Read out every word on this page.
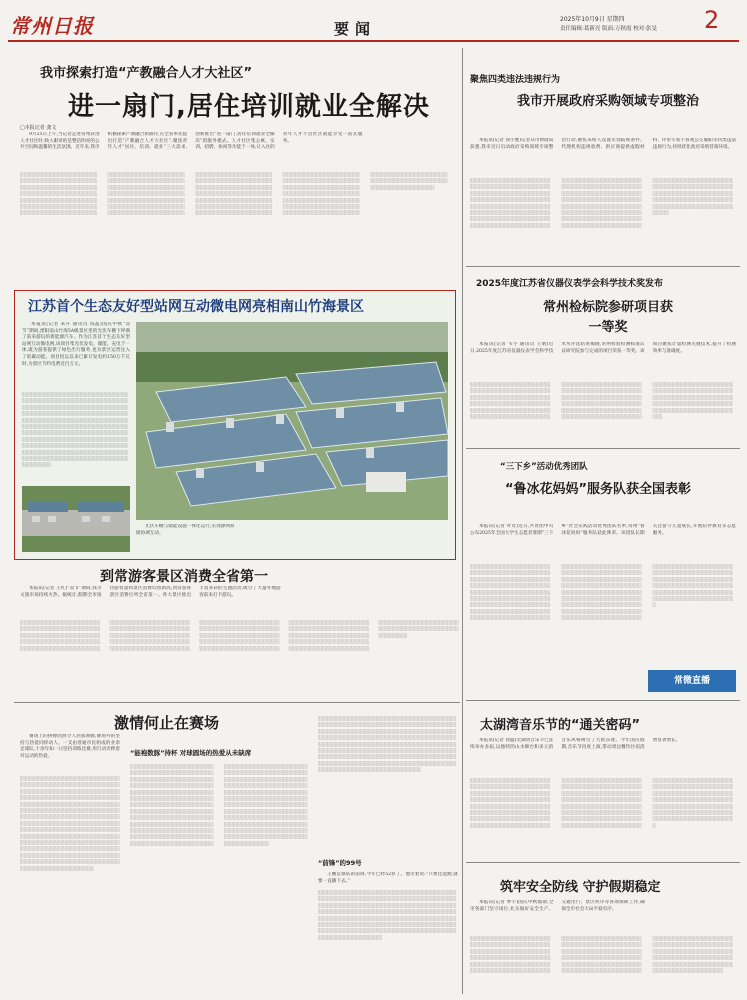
常州日报	要闻
2025年10月9日 星期四
责任编辑:葛新亮 版面:万秋霞 校对:张旻 2
我市探索打造“产教融合人才大社区”
进一扇门,居住培训就业全解决
□本报记者 龚文

9月25日上午,当记者走进常州武进人才社区时,映入眼帘的是整洁明亮的公共空间和温馨的生活氛围。近年来,我市积极探索产教融合新路径,在全省率先提出打造“产教融合人才大社区”,聚焦青年人才“居住、培训、就业”三大需求,创新推出“进一扇门,居住培训就业全解决”的服务模式。人才社区集公寓、实训、招聘、休闲等功能于一体,让入住的青年人才不出社区就能享受一站式服务。

░░░░░░░░░░░░░░░░░░░░░░░░░░░░░░░░░░░░░░░░░░░░░░░░░░░░░░░░░░░░░░░░░░░░░░░░░░░░░░░░░░░░░░░░░░░░░░░░░░░░░░░░░░░░░░░░░░░░░░░░░░░░░░░░░░░░░░░░░░░░░░░░░░░░░░░░░░░░░░░░░░░░░░░░░░░░░░░░░░░░░░░░░░░░░░░░░░░░░░░░░░░░░░░░░░░░░░░░░░░░░░░░░░░░░░░░░░░░░░░░░░░░░░░░░░░░░░░░░░░░░░░░░░░░░░░░░░░░░░░░░░░░░░░░░░░░░░░░░░░░░░░░░░░░░░░░░░░░░░░░░░░░░░░░░░░░░░░░░░░░░░░░░░░░░░░░░░░░░░░░░░░░░░░░░░░░░░░░░░░░░░░░░░░░░░░░░░░░░░░░░░░░░░░░░░░░░░░░░░░░░░░░░░░░░░░░░░░░░░░░░░░░░░░░░░░░░░░░░░░░░░░░░░░░░░░░░░░░░░░░░░░░░░░░░░░░░░░░░░░░░░░░░░░░░░░░░░░░░░░░░░░░░░░░░░░░░░░░░░░░░░░░░░░░░░░░░░░░░░░░░░░░░░░░░░░░░░░░░░░░░░░░░░░░░░░░░░░░░░░░░░░░░░░░░░░░░░░░░░░░░░░░░░░░░░░░░░░░░░░░░░░░░░░░░░░░░░░░░░░░░░░░░░░░░░░░░░░░░░░░░░░░░░░░░░░░░░░░░░░░░░░░░░░░░░░░░░░░░░░░░░░░░░░░░░░░░░░░░░░░
江苏首个生态友好型站网互动微电网亮相南山竹海景区

本报讯(记者 朱卉 通讯员 钱晶)国庆中秋“双节”期间,溧阳南山竹海5A级景区里的光伏车棚下停满了前来游玩的新能源汽车。作为江苏首个生态友好型站网互动微电网,该项目集光伏发电、储能、充电于一体,既为游客提供了绿色出行服务,也为景区运营注入了低碳动能。项目投运以来已累计发电约150万千瓦时,为景区节约电费近百万元。

░░░░░░░░░░░░░░░░░░░░░░░░░░░░░░░░░░░░░░░░░░░░░░░░░░░░░░░░░░░░░░░░░░░░░░░░░░░░░░░░░░░░░░░░░░░░░░░░░░░░░░░░░░░░░░░░░░░░░░░░░░░░░░░░░░░░░░░░░░░░░░░░░░░░░░░░░░░░░░░░░░░░░░░░░░░░░░░░░░░░░░░░░░░░░░░░░░░░░░░░░░░░░░░░░░░░░░░░░░░░░░░░░░░░░░░░░░░░░░░░░░░░░░░░░░░░░░░░░░░░░░░░░░░░░░░░░░░░░░░░░░░░░░░░░░░░░░░░░░░░░░░░░░░░░░░░░░░░░░░░░░░░░░░░░░░░░░░░░░░░░░░░░░░░░░░░░░░░░░░░░░░░░░░░░░░░

光伏车棚与储能设施一体化运行,实现源网荷储协调互动。

到常游客景区消费全省第一

本报讯(记者 王红)“双节”期间,我市文旅市场持续火热。据统计,假期全市接待游客量和景区消费均创新高,到常游客景区消费位列全省第一。各大景区推出丰富多彩的主题活动,吸引了大量外地游客前来打卡游玩。

░░░░░░░░░░░░░░░░░░░░░░░░░░░░░░░░░░░░░░░░░░░░░░░░░░░░░░░░░░░░░░░░░░░░░░░░░░░░░░░░░░░░░░░░░░░░░░░░░░░░░░░░░░░░░░░░░░░░░░░░░░░░░░░░░░░░░░░░░░░░░░░░░░░░░░░░░░░░░░░░░░░░░░░░░░░░░░░░░░░░░░░░░░░░░░░░░░░░░░░░░░░░░░░░░░░░░░░░░░░░░░░░░░░░░░░░░░░░░░░░░░░░░░░░░░░░░░░░░░░░░░░░░░░░░░░░░░░░░░░░░░░░░░░░░░░░░░░░░░░░░░░░░░░░░░░░░░░░░░░░░░░░░░░░░░░░░░░░░░░░░░░░░░░░░░░░░░░░░░░░░░░░░░░░░░░░░░░░░░░░░░░░░░░░░░░░░░░░░░░░░░░░░░░░░░░░░░░░░░░░░░░░░░░░░░░░░░░░░░░░░░░░░░░░░░░░░░░░░░░░░░░░░░░░░░░░░░░░░░░░░░░░░░░░░░░░░░░░░░░░░░░░░░░░░░░░░░░░░░░░░░░░░░░░░░░░░░░░░░░░░░░░░░░░░░░░░░░░░░░
激情何止在赛场

赛场上的拼搏固然令人热血沸腾,赛场外的坚持与热爱同样动人。一支由普通市民组成的业余足球队,十余年如一日坚持训练比赛,用行动诠释着对运动的热爱。

░░░░░░░░░░░░░░░░░░░░░░░░░░░░░░░░░░░░░░░░░░░░░░░░░░░░░░░░░░░░░░░░░░░░░░░░░░░░░░░░░░░░░░░░░░░░░░░░░░░░░░░░░░░░░░░░░░░░░░░░░░░░░░░░░░░░░░░░░░░░░░░░░░░░░░░░░░░░░░░░░░░░░░░░░░░░░░░░░░░░░░░░░░░░░░░░░░░░░░░░░░░░░░░░░░░░░░░░░░░░░░░░░░░░░░░░░░░░░░░░░░░░░░░░░░░░░░░░░░░░░░░░░░░░░░░░░░░░░░░░░░░░░░░░░░░░░░░░░░░░░░░░░░░░░░░░░░░░░░░░░░░░░░░░░░░░░░░░░░░░░░░░░░░░░░░░░░░░░░░░░░░░░░░░░░░░░░░░░░░░░░░░░░░░░░░░░░░░░░░░░░░░░░░░░░░░░░░░░░░░░░░░░░░░░░░░░░░░░░░░░░░░░░░░░░░░░░░░░
“能袍数豚”持杯 对球圆场的热爱从未缺席
░░░░░░░░░░░░░░░░░░░░░░░░░░░░░░░░░░░░░░░░░░░░░░░░░░░░░░░░░░░░░░░░░░░░░░░░░░░░░░░░░░░░░░░░░░░░░░░░░░░░░░░░░░░░░░░░░░░░░░░░░░░░░░░░░░░░░░░░░░░░░░░░░░░░░░░░░░░░░░░░░░░░░░░░░░░░░░░░░░░░░░░░░░░░░░░░░░░░░░░░░░░░░░░░░░░░░░░░░░░░░░░░░░░░░░░░░░░░░░░░░░░░░░░░░░░░░░░░░░░░░░░░░░░░░░░░░░░░░░░░░░░░░░░░░░░░░░░░░░░░░░░░░░░░░░░░░░░░░░░░░░░░░░░░░░░░░░░░░░░░░░░░░░░░░░░░░░░░░░░░░░░░░░░░░░░░░░░░░░░░░░░░░░░░░░░░░░░░░░░░░░░░░░░░░░░░░░░░░░░░░░░░░░░░░░░░░░░░░░░░░░░░░░░░░░░░░░░░░░░░░░░░░░░░░░░░░░░░░░░░░░░░░░░░░░░░░░░░░░░░░░░░░░░░░░░░░░░░░░░░░░░░░░░░░░░░░░░░░░░░░░░░░░░░░░░░░░░░░░░░░░░░░░░░░░░░░░░░░░░░░░░░░░░░░░░░░░░░░░░░░░░░░░░░░░░░░░░░░░░░░░░░░░░░░░░░░░░░░░░░░░░░░░░░░░░░░░░░░░░░░░░░
“前锋”的99号

王鹏是球队的前锋,今年已经52岁了。他笑着说:“只要还能跑,就要一直踢下去。”

░░░░░░░░░░░░░░░░░░░░░░░░░░░░░░░░░░░░░░░░░░░░░░░░░░░░░░░░░░░░░░░░░░░░░░░░░░░░░░░░░░░░░░░░░░░░░░░░░░░░░░░░░░░░░░░░░░░░░░░░░░░░░░░░░░░░░░░░░░░░░░░░░░░░░░░░░░░░░░░░░░░░░░░░░░░░░░░░░░░░░░░░░░░░░░░░░░░░░░░░░░░░░░░░░░░░░░░░░░░░░░░░░░░░░░░░░░░░░░░░░░░░░░░░░░░░░░░░░░░░░░░░░░░░░░░░░░░░░░░░░░░░░░░░░░░░░░░░░░░░░░░░░░░░░░░░░░░░░░░░░
░░░░░░░░░░░░░░░░░░░░░░░░░░░░░░░░░░░░░░░░░░░░░░░░░░░░░░░░░░░░░░░░░░░░░░░░░░░░░░░░░░░░░░░░░░░░░░░░░░░░░░░░░░░░░░░░░░░░░░░░░░░░░░░░░░░░░░░░░░░░░░░░░░░░░░░░░░░░░░░░░░░░░░░░░░░░░░░░░░░░░░░░░░░░░░░░░░░░░░░░░░░░░░░░░░░░░░░░░░░░░░░░░░░░░░░░░░░░░░░░░░░░░░░░░░░░░░░░░░░░░░░░░░░░░░░░░░░░░░░░░░░░░░░░░░░░░░░░░░░░░░░░░░░░░░░░░░░░░░░░░░░░░░░░░░░░░░░░░░░░░░░░░░░░░░░░░░░░░░░░░░░░░░░░░░░░░░░░
聚焦四类违法违规行为
我市开展政府采购领域专项整治

本报讯(记者 徐小雅)记者从市财政局获悉,我市近日启动政府采购领域专项整治行动,聚焦采购人设置差别歧视条件、代理机构违规收费、供应商提供虚假材料、评审专家不客观公正履职等四类违法违规行为,持续优化政府采购营商环境。

░░░░░░░░░░░░░░░░░░░░░░░░░░░░░░░░░░░░░░░░░░░░░░░░░░░░░░░░░░░░░░░░░░░░░░░░░░░░░░░░░░░░░░░░░░░░░░░░░░░░░░░░░░░░░░░░░░░░░░░░░░░░░░░░░░░░░░░░░░░░░░░░░░░░░░░░░░░░░░░░░░░░░░░░░░░░░░░░░░░░░░░░░░░░░░░░░░░░░░░░░░░░░░░░░░░░░░░░░░░░░░░░░░░░░░░░░░░░░░░░░░░░░░░░░░░░░░░░░░░░░░░░░░░░░░░░░░░░░░░░░░░░░░░░░░░░░░░░░░░░░░░░░░░░░░░░░░░░░░░░░░░░░░░░░░░░░░░░░░░░░░░░░░░░░░░░░░░░░░░░░░░░░░░░░░░░░░░░░░░░░░░░░░░░░░░░░░░░░░░░░░░░░░░░░░░░░░░░░░░░░░░░░░░░░░░░░░░░░░░░░░░░░░░░░░░░░░░░░░░░░░░░░░░░░░░░░░░░░░░░░░░░░░░░░░░░░░░░░░░░░░░░░░░░░░░░░░░░░░░░░░░░░░░░░░
2025年度江苏省仪器仪表学会科学技术奖发布
常州检标院参研项目获一等奖

本报讯(记者 韦宇 通讯员 王婧)近日,2025年度江苏省仪器仪表学会科学技术奖评选结果揭晓,常州检验检测标准认证研究院参与完成的项目荣获一等奖。该项目聚焦计量检测关键技术,提升了检测效率与准确度。

░░░░░░░░░░░░░░░░░░░░░░░░░░░░░░░░░░░░░░░░░░░░░░░░░░░░░░░░░░░░░░░░░░░░░░░░░░░░░░░░░░░░░░░░░░░░░░░░░░░░░░░░░░░░░░░░░░░░░░░░░░░░░░░░░░░░░░░░░░░░░░░░░░░░░░░░░░░░░░░░░░░░░░░░░░░░░░░░░░░░░░░░░░░░░░░░░░░░░░░░░░░░░░░░░░░░░░░░░░░░░░░░░░░░░░░░░░░░░░░░░░░░░░░░░░░░░░░░░░░░░░░░░░░░░░░░░░░░░░░░░░░░░░░░░░░░░░░░░░░░░░░░░░░░░░░░░░░░░░░░░░░░░░░░░░░░░░░░░░░░░░░░░░░░░░░░░░░░░░░░░░░░░░░░░░░░░░░░░░░░░░░░░░░░░░░░░░░░░░░░░░░░░░░░░░░░░░░░░░░░░░░░░░░░
“三下乡”活动优秀团队
“鲁冰花妈妈”服务队获全国表彰

本报讯(记者 叶奇)近日,共青团中央公布2025年全国大学生志愿者暑期“三下乡”社会实践活动优秀团队名单,常州“鲁冰花妈妈”服务队获此殊荣。该团队长期关注留守儿童成长,开展陪伴教育等志愿服务。

░░░░░░░░░░░░░░░░░░░░░░░░░░░░░░░░░░░░░░░░░░░░░░░░░░░░░░░░░░░░░░░░░░░░░░░░░░░░░░░░░░░░░░░░░░░░░░░░░░░░░░░░░░░░░░░░░░░░░░░░░░░░░░░░░░░░░░░░░░░░░░░░░░░░░░░░░░░░░░░░░░░░░░░░░░░░░░░░░░░░░░░░░░░░░░░░░░░░░░░░░░░░░░░░░░░░░░░░░░░░░░░░░░░░░░░░░░░░░░░░░░░░░░░░░░░░░░░░░░░░░░░░░░░░░░░░░░░░░░░░░░░░░░░░░░░░░░░░░░░░░░░░░░░░░░░░░░░░░░░░░░░░░░░░░░░░░░░░░░░░░░░░░░░░░░░░░░░░░░░░░░░░░░░░░░░░░░░░░░░░░░░░░░░░░░░░░░░░░░░░░░░░░░░░░░░░░░░░░░░░░░░░░░░░░░░░░░░░░░░░░░░░░░░░░░░░░░░░░░░░░░░░░░░░░░░░░░░░░░░░░░░░░░░░░░░░░░░░░░░░░░░░░░░░░░░░░░░░░░░░░░░░░░░░░░░░░░░░░░░░░░░░░░░░░░░░░░░░░░░░░░░░░░░░░░░░░░░░░░░░░░░░░░░░░░░░░░░░░░░░░
常微直播
太湖湾音乐节的“通关密码”

本报讯(记者 徐盛)太湖湾音乐节已连续举办多届,以独特的山水舞台和多元的音乐风格吸引了大批乐迷。今年国庆假期,音乐节再度上演,带动周边餐饮住宿消费显著增长。

░░░░░░░░░░░░░░░░░░░░░░░░░░░░░░░░░░░░░░░░░░░░░░░░░░░░░░░░░░░░░░░░░░░░░░░░░░░░░░░░░░░░░░░░░░░░░░░░░░░░░░░░░░░░░░░░░░░░░░░░░░░░░░░░░░░░░░░░░░░░░░░░░░░░░░░░░░░░░░░░░░░░░░░░░░░░░░░░░░░░░░░░░░░░░░░░░░░░░░░░░░░░░░░░░░░░░░░░░░░░░░░░░░░░░░░░░░░░░░░░░░░░░░░░░░░░░░░░░░░░░░░░░░░░░░░░░░░░░░░░░░░░░░░░░░░░░░░░░░░░░░░░░░░░░░░░░░░░░░░░░░░░░░░░░░░░░░░░░░░░░░░░░░░░░░░░░░░░░░░░░░░░░░░░░░░░░░░░░░░░░░░░░░░░░░░░░░░░░░░░░░░░░░░░░░░░░░░░░░░░░░░░░░░░░░░░░░░░░░░░░░░░░░░░░░░░░░░░░░░░░░░░░░░░░░░░░░░░░░░░░░░░░░░░░░░░░░░░░░░░░░░░░░░░░░░░░░░░░░░░░░░░░░░░░░░░░░░░░░░░░░░░░░░░░░░░░░░░░░░░░░░░░░░░░░░░░░░░
筑牢安全防线 守护假期稳定

本报讯(记者 季宇)国庆中秋假期,全市各部门坚守岗位,扎实做好安全生产、交通出行、景区秩序等各项保障工作,确保全市社会大局平稳有序。

░░░░░░░░░░░░░░░░░░░░░░░░░░░░░░░░░░░░░░░░░░░░░░░░░░░░░░░░░░░░░░░░░░░░░░░░░░░░░░░░░░░░░░░░░░░░░░░░░░░░░░░░░░░░░░░░░░░░░░░░░░░░░░░░░░░░░░░░░░░░░░░░░░░░░░░░░░░░░░░░░░░░░░░░░░░░░░░░░░░░░░░░░░░░░░░░░░░░░░░░░░░░░░░░░░░░░░░░░░░░░░░░░░░░░░░░░░░░░░░░░░░░░░░░░░░░░░░░░░░░░░░░░░░░░░░░░░░░░░░░░░░░░░░░░░░░░░░░░░░░░░░░░░░░░░░░░░░░░░░░░░░░░░░░░░░░░░░░░░░░░░░░░░░░░░░░░░░░░░░░░░░░░░░░░░░░░░░░░░░░░░░░░░░░░░░░░░░░░░░░░░░░░░░░░░░░░░░░░░░░░░░░░░░░░░░░░░░░░░░░░░░░░░░
